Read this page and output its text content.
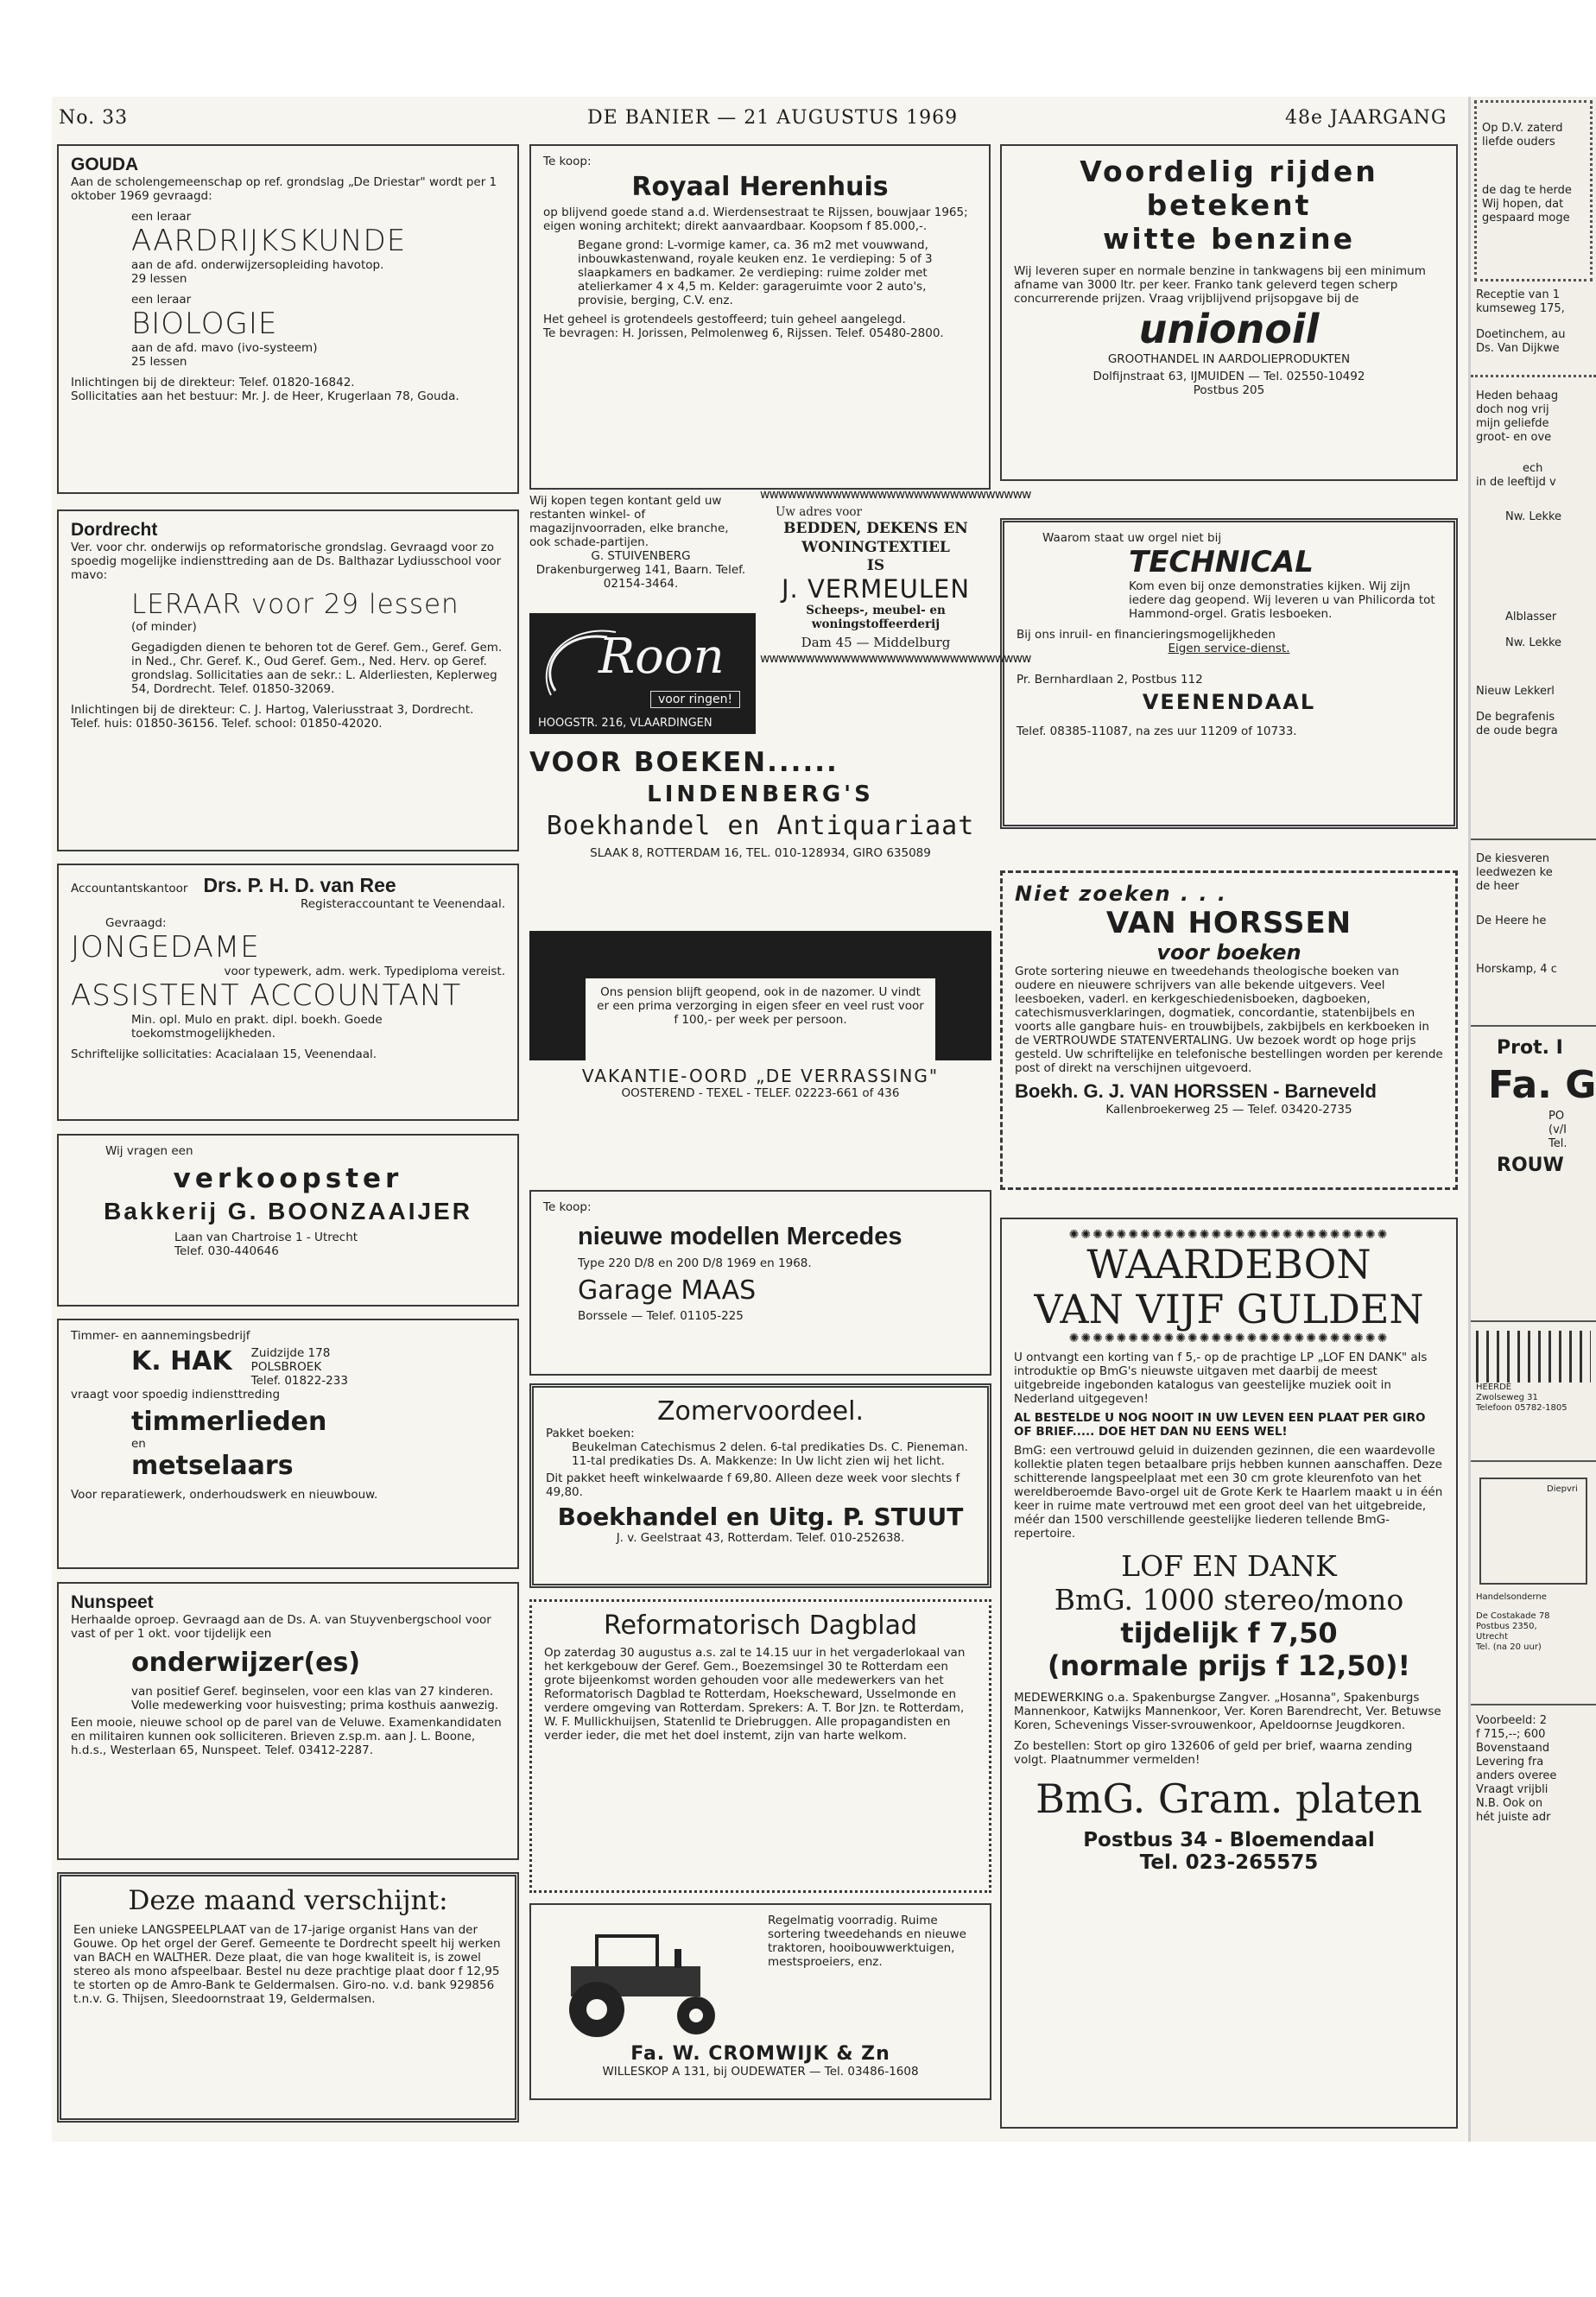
No. 33	DE BANIER — 21 AUGUSTUS 1969	48e JAARGANG
GOUDA

Aan de scholengemeenschap op ref. grondslag „De Driestar" wordt per 1 oktober 1969 gevraagd:

een leraar

AARDRIJKSKUNDE

aan de afd. onderwijzersopleiding havotop.

29 lessen

een leraar

BIOLOGIE

aan de afd. mavo (ivo-systeem)

25 lessen

Inlichtingen bij de direkteur: Telef. 01820-16842.

Sollicitaties aan het bestuur: Mr. J. de Heer, Krugerlaan 78, Gouda.

Dordrecht

Ver. voor chr. onderwijs op reformatorische grondslag. Gevraagd voor zo spoedig mogelijke indiensttreding aan de Ds. Balthazar Lydiusschool voor mavo:

LERAAR voor 29 lessen

(of minder)

Gegadigden dienen te behoren tot de Geref. Gem., Geref. Gem. in Ned., Chr. Geref. K., Oud Geref. Gem., Ned. Herv. op Geref. grondslag. Sollicitaties aan de sekr.: L. Alderliesten, Keplerweg 54, Dordrecht. Telef. 01850-32069.

Inlichtingen bij de direkteur: C. J. Hartog, Valeriusstraat 3, Dordrecht. Telef. huis: 01850-36156. Telef. school: 01850-42020.

Accountantskantoor Drs. P. H. D. van Ree

Registeraccountant te Veenendaal.

Gevraagd:

JONGEDAME

voor typewerk, adm. werk. Typediploma vereist.

ASSISTENT ACCOUNTANT

Min. opl. Mulo en prakt. dipl. boekh. Goede toekomstmogelijkheden.

Schriftelijke sollicitaties: Acacialaan 15, Veenendaal.

Wij vragen een

verkoopster

Bakkerij G. BOONZAAIJER

Laan van Chartroise 1 - Utrecht

Telef. 030-440646

Timmer- en aannemingsbedrijf

K. HAK Zuidzijde 178

POLSBROEK

Telef. 01822-233

vraagt voor spoedig indiensttreding

timmerlieden

en

metselaars

Voor reparatiewerk, onderhoudswerk en nieuwbouw.

Nunspeet

Herhaalde oproep. Gevraagd aan de Ds. A. van Stuyvenbergschool voor vast of per 1 okt. voor tijdelijk een

onderwijzer(es)

van positief Geref. beginselen, voor een klas van 27 kinderen. Volle medewerking voor huisvesting; prima kosthuis aanwezig.

Een mooie, nieuwe school op de parel van de Veluwe. Examenkandidaten en militairen kunnen ook solliciteren. Brieven z.sp.m. aan J. L. Boone, h.d.s., Westerlaan 65, Nunspeet. Telef. 03412-2287.

Deze maand verschijnt:

Een unieke LANGSPEELPLAAT van de 17-jarige organist Hans van der Gouwe. Op het orgel der Geref. Gemeente te Dordrecht speelt hij werken van BACH en WALTHER. Deze plaat, die van hoge kwaliteit is, is zowel stereo als mono afspeelbaar. Bestel nu deze prachtige plaat door f 12,95 te storten op de Amro-Bank te Geldermalsen. Giro-no. v.d. bank 929856 t.n.v. G. Thijsen, Sleedoornstraat 19, Geldermalsen.

Te koop:

Royaal Herenhuis

op blijvend goede stand a.d. Wierdensestraat te Rijssen, bouwjaar 1965; eigen woning architekt; direkt aanvaardbaar. Koopsom f 85.000,-.

Begane grond: L-vormige kamer, ca. 36 m2 met vouwwand, inbouwkastenwand, royale keuken enz. 1e verdieping: 5 of 3 slaapkamers en badkamer. 2e verdieping: ruime zolder met atelierkamer 4 x 4,5 m. Kelder: garageruimte voor 2 auto's, provisie, berging, C.V. enz.

Het geheel is grotendeels gestoffeerd; tuin geheel aangelegd.

Te bevragen: H. Jorissen, Pelmolenweg 6, Rijssen. Telef. 05480-2800.

Wij kopen tegen kontant geld uw restanten winkel- of magazijnvoorraden, elke branche, ook schade-partijen.

G. STUIVENBERG

Drakenburgerweg 141, Baarn. Telef. 02154-3464.

Roon
voor ringen!
HOOGSTR. 216, VLAARDINGEN
wwwwwwwwwwwwwwwwwwwwwwwwwwwwww

Uw adres voor

BEDDEN, DEKENS EN WONINGTEXTIEL

IS

J. VERMEULEN

Scheeps-, meubel- en woningstoffeerderij

Dam 45 — Middelburg

wwwwwwwwwwwwwwwwwwwwwwwwwwwwww

VOOR BOEKEN......

LINDENBERG'S

Boekhandel en Antiquariaat

SLAAK 8, ROTTERDAM 16, TEL. 010-128934, GIRO 635089

Ons pension blijft geopend, ook in de nazomer. U vindt er een prima verzorging in eigen sfeer en veel rust voor f 100,- per week per persoon.

VAKANTIE-OORD „DE VERRASSING"

OOSTEREND - TEXEL - TELEF. 02223-661 of 436

Te koop:

nieuwe modellen Mercedes

Type 220 D/8 en 200 D/8 1969 en 1968.

Garage MAAS

Borssele — Telef. 01105-225

Zomervoordeel.

Pakket boeken:

Beukelman Catechismus 2 delen. 6-tal predikaties Ds. C. Pieneman. 11-tal predikaties Ds. A. Makkenze: In Uw licht zien wij het licht.

Dit pakket heeft winkelwaarde f 69,80. Alleen deze week voor slechts f 49,80.

Boekhandel en Uitg. P. STUUT

J. v. Geelstraat 43, Rotterdam. Telef. 010-252638.

Reformatorisch Dagblad

Op zaterdag 30 augustus a.s. zal te 14.15 uur in het vergaderlokaal van het kerkgebouw der Geref. Gem., Boezemsingel 30 te Rotterdam een grote bijeenkomst worden gehouden voor alle medewerkers van het Reformatorisch Dagblad te Rotterdam, Hoekscheward, Usselmonde en verdere omgeving van Rotterdam. Sprekers: A. T. Bor Jzn. te Rotterdam, W. F. Mullickhuijsen, Statenlid te Driebruggen. Alle propagandisten en verder ieder, die met het doel instemt, zijn van harte welkom.

Regelmatig voorradig. Ruime sortering tweedehands en nieuwe traktoren, hooibouwwerktuigen, mestsproeiers, enz.

Fa. W. CROMWIJK & Zn

WILLESKOP A 131, bij OUDEWATER — Tel. 03486-1608

Voordelig rijden

betekent

witte benzine

Wij leveren super en normale benzine in tankwagens bij een minimum afname van 3000 ltr. per keer. Franko tank geleverd tegen scherp concurrerende prijzen. Vraag vrijblijvend prijsopgave bij de

unionoil

GROOTHANDEL IN AARDOLIEPRODUKTEN

Dolfijnstraat 63, IJMUIDEN — Tel. 02550-10492

Postbus 205

Waarom staat uw orgel niet bij

TECHNICAL

Kom even bij onze demonstraties kijken. Wij zijn iedere dag geopend. Wij leveren u van Philicorda tot Hammond-orgel. Gratis lesboeken.

Bij ons inruil- en financieringsmogelijkheden

Eigen service-dienst.

Pr. Bernhardlaan 2, Postbus 112

VEENENDAAL

Telef. 08385-11087, na zes uur 11209 of 10733.

Niet zoeken . . .

VAN HORSSEN

voor boeken

Grote sortering nieuwe en tweedehands theologische boeken van oudere en nieuwere schrijvers van alle bekende uitgevers. Veel leesboeken, vaderl. en kerkgeschiedenisboeken, dagboeken, catechismusverklaringen, dogmatiek, concordantie, statenbijbels en voorts alle gangbare huis- en trouwbijbels, zakbijbels en kerkboeken in de VERTROUWDE STATENVERTALING. Uw bezoek wordt op hoge prijs gesteld. Uw schriftelijke en telefonische bestellingen worden per kerende post of direkt na verschijnen uitgevoerd.

Boekh. G. J. VAN HORSSEN - Barneveld

Kallenbroekerweg 25 — Telef. 03420-2735

✺✺✺✺✺✺✺✺✺✺✺✺✺✺✺✺✺✺✺✺✺✺✺✺✺✺✺

WAARDEBON

VAN VIJF GULDEN

✺✺✺✺✺✺✺✺✺✺✺✺✺✺✺✺✺✺✺✺✺✺✺✺✺✺✺

U ontvangt een korting van f 5,- op de prachtige LP „LOF EN DANK" als introduktie op BmG's nieuwste uitgaven met daarbij de meest uitgebreide ingebonden katalogus van geestelijke muziek ooit in Nederland uitgegeven!

AL BESTELDE U NOG NOOIT IN UW LEVEN EEN PLAAT PER GIRO OF BRIEF..... DOE HET DAN NU EENS WEL!

BmG: een vertrouwd geluid in duizenden gezinnen, die een waardevolle kollektie platen tegen betaalbare prijs hebben kunnen aanschaffen. Deze schitterende langspeelplaat met een 30 cm grote kleurenfoto van het wereldberoemde Bavo-orgel uit de Grote Kerk te Haarlem maakt u in één keer in ruime mate vertrouwd met een groot deel van het uitgebreide, méér dan 1500 verschillende geestelijke liederen tellende BmG-repertoire.

LOF EN DANK

BmG. 1000 stereo/mono

tijdelijk f 7,50

(normale prijs f 12,50)!

MEDEWERKING o.a. Spakenburgse Zangver. „Hosanna", Spakenburgs Mannenkoor, Katwijks Mannenkoor, Ver. Koren Barendrecht, Ver. Betuwse Koren, Schevenings Visser-svrouwenkoor, Apeldoornse Jeugdkoren.

Zo bestellen: Stort op giro 132606 of geld per brief, waarna zending volgt. Plaatnummer vermelden!

BmG. Gram. platen

Postbus 34 - Bloemendaal

Tel. 023-265575

Op D.V. zaterd

liefde ouders

de dag te herde

Wij hopen, dat

gespaard moge

Receptie van 1

kumseweg 175,

Doetinchem, au

Ds. Van Dijkwe

Heden behaag

doch nog vrij

mijn geliefde

groot- en ove

ech

in de leeftijd v

Nw. Lekke

Alblasser

Nw. Lekke

Nieuw Lekkerl

De begrafenis

de oude begra

De kiesveren

leedwezen ke

de heer

De Heere he

Horskamp, 4 c

Prot. I

Fa. G

PO

(v/I

Tel.

ROUW

HEERDE

Zwolseweg 31

Telefoon 05782-1805

Diepvri

Handelsonderne

De Costakade 78

Postbus 2350,

Utrecht

Tel. (na 20 uur)

Voorbeeld: 2

f 715,--; 600

Bovenstaand

Levering fra

anders overee

Vraagt vrijbli

N.B. Ook on

hét juiste adr
